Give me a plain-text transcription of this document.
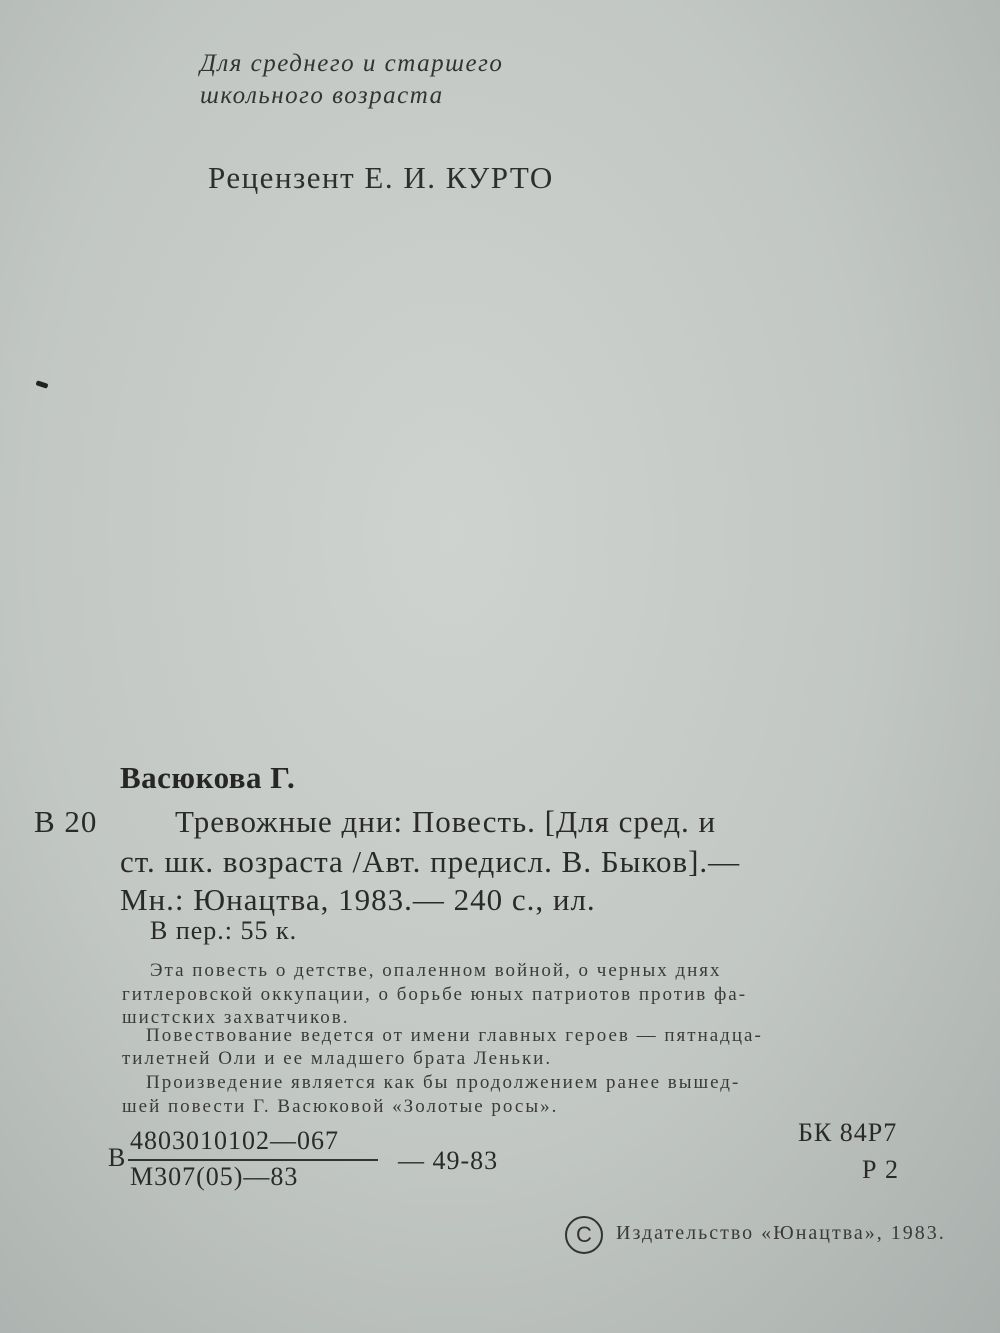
Для среднего и старшего
школьного возраста
Рецензент Е. И. КУРТО
Васюкова Г.
В 20	Тревожные дни: Повесть. [Для сред. и
ст. шк. возраста /Авт. предисл. В. Быков].—
Мн.: Юнацтва, 1983.— 240 с., ил.
В пер.: 55 к.
Эта повесть о детстве, опаленном войной, о черных днях
гитлеровской оккупации, о борьбе юных патриотов против фа-
шистских захватчиков.
Повествование ведется от имени главных героев — пятнадца-
тилетней Оли и ее младшего брата Леньки.
Произведение является как бы продолжением ранее вышед-
шей повести Г. Васюковой «Золотые росы».
В
4803010102—067
М307(05)—83
— 49-83
БК 84Р7
Р 2
C Издательство «Юнацтва», 1983.
